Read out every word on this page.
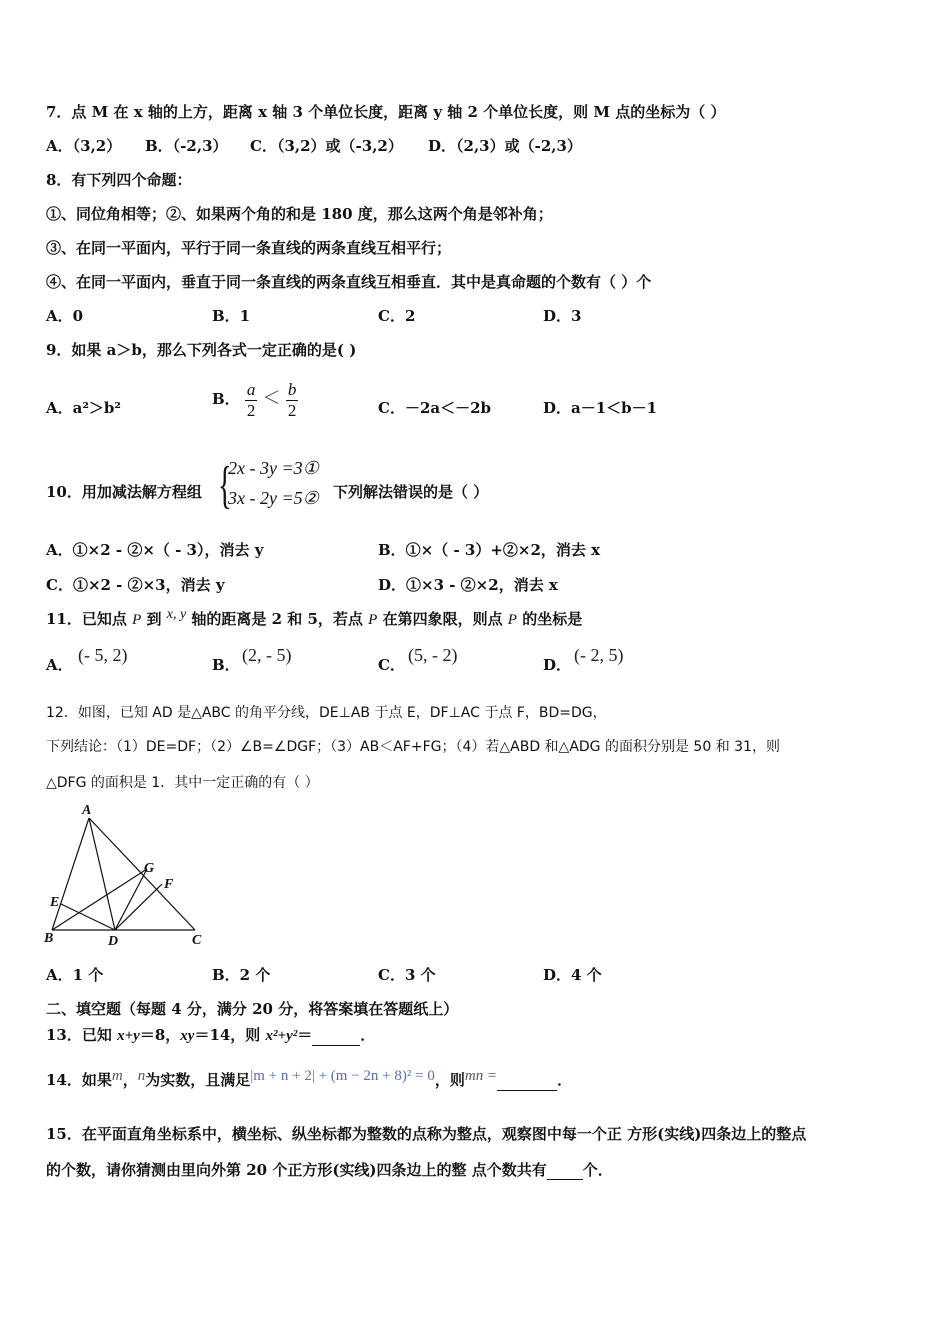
7．点 M 在 x 轴的上方，距离 x 轴 3 个单位长度，距离 y 轴 2 个单位长度，则 M 点的坐标为（ ）
A．（3,2） B．（-2,3） C．（3,2）或（-3,2） D．（2,3）或（-2,3）
8．有下列四个命题：
①、同位角相等；②、如果两个角的和是 180 度，那么这两个角是邻补角；
③、在同一平面内，平行于同一条直线的两条直线互相平行；
④、在同一平面内，垂直于同一条直线的两条直线互相垂直．其中是真命题的个数有（ ）个
A．0	B．1	C．2	D．3
9．如果 a＞b，那么下列各式一定正确的是( )
A．a²＞b²	B． $\frac{a}{2} < \frac{b}{2}$	C．－2a＜－2b	D．a－1＜b－1
10．用加减法解方程组 {
2x - 3y =3①
3x - 2y =5② 下列解法错误的是（ ）
A．①×2 - ②×（ - 3），消去 y	B．①×（ - 3）+②×2，消去 x
C．①×2 - ②×3，消去 y	D．①×3 - ②×2，消去 x
11．已知点 P 到 x, y 轴的距离是 2 和 5，若点 P 在第四象限，则点 P 的坐标是
A． (- 5, 2)	B． (2, - 5)	C． (5, - 2)	D． (- 2, 5)
12．如图，已知 AD 是△ABC 的角平分线，DE⊥AB 于点 E，DF⊥AC 于点 F，BD=DG，
下列结论：（1）DE=DF；（2）∠B=∠DGF；（3）AB＜AF+FG；（4）若△ABD 和△ADG 的面积分别是 50 和 31，则
△DFG 的面积是 1．其中一定正确的有（ ）
A
B	C
D
E
F
G
A．1 个	B．2 个	C．3 个	D．4 个
二、填空题（每题 4 分，满分 20 分，将答案填在答题纸上）
13．已知 x+y＝8，xy＝14，则 x²+y²＝	．
14．如果m，n为实数，且满足|m + n + 2| + (m − 2n + 8)² = 0，则mn =	．
15．在平面直角坐标系中，横坐标、纵坐标都为整数的点称为整点，观察图中每一个正 方形(实线)四条边上的整点
的个数，请你猜测由里向外第 20 个正方形(实线)四条边上的整 点个数共有 个．
